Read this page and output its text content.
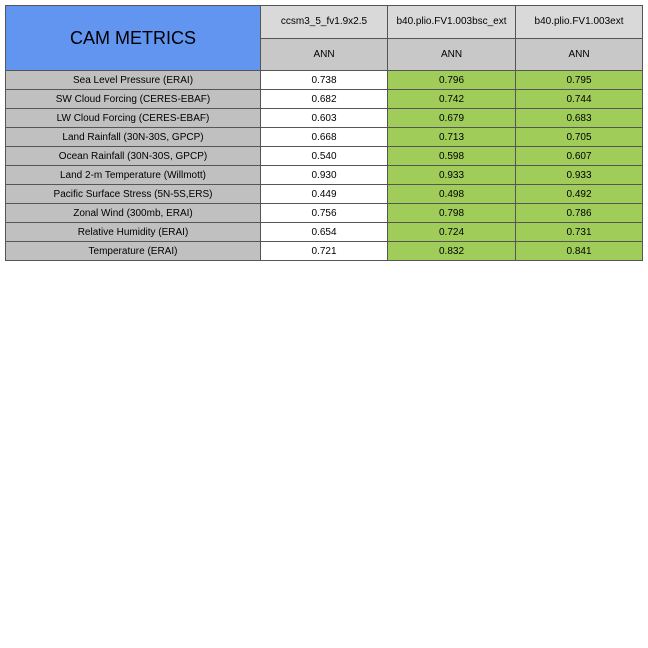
CAM METRICS	ccsm3_5_fv1.9x2.5	b40.plio.FV1.003bsc_ext	b40.plio.FV1.003ext
	ANN	ANN	ANN
Sea Level Pressure (ERAI)	0.738	0.796	0.795
SW Cloud Forcing (CERES-EBAF)	0.682	0.742	0.744
LW Cloud Forcing (CERES-EBAF)	0.603	0.679	0.683
Land Rainfall (30N-30S, GPCP)	0.668	0.713	0.705
Ocean Rainfall (30N-30S, GPCP)	0.540	0.598	0.607
Land 2-m Temperature (Willmott)	0.930	0.933	0.933
Pacific Surface Stress (5N-5S,ERS)	0.449	0.498	0.492
Zonal Wind (300mb, ERAI)	0.756	0.798	0.786
Relative Humidity (ERAI)	0.654	0.724	0.731
Temperature (ERAI)	0.721	0.832	0.841
